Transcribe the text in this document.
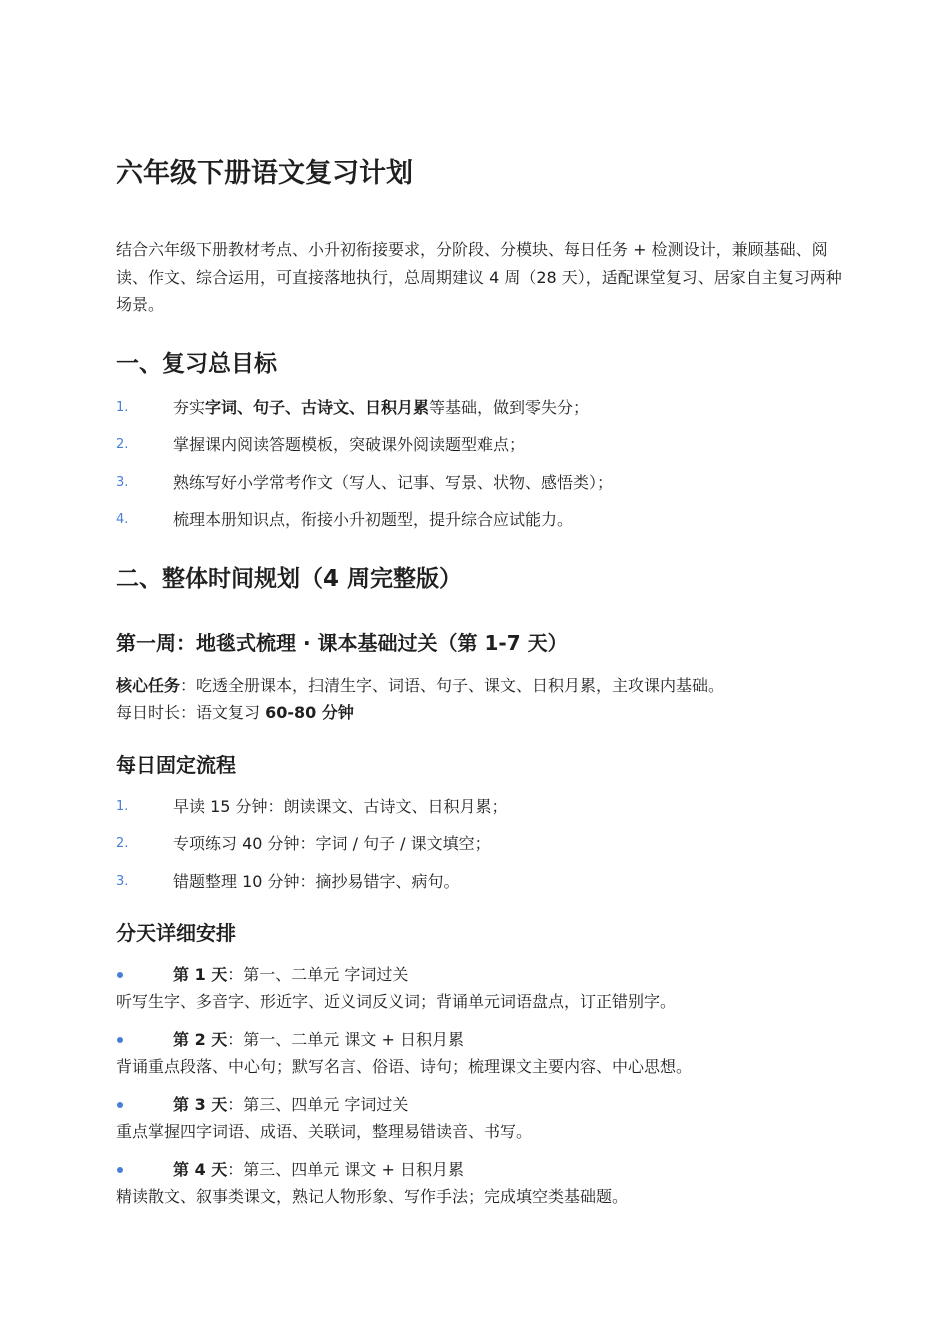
六年级下册语文复习计划

结合六年级下册教材考点、小升初衔接要求，分阶段、分模块、每日任务 + 检测设计，兼顾基础、阅读、作文、综合运用，可直接落地执行，总周期建议 4 周（28 天），适配课堂复习、居家自主复习两种场景。

一、复习总目标
1.	夯实字词、句子、古诗文、日积月累等基础，做到零失分；
2.	掌握课内阅读答题模板，突破课外阅读题型难点；
3.	熟练写好小学常考作文（写人、记事、写景、状物、感悟类）；
4.	梳理本册知识点，衔接小升初题型，提升综合应试能力。
二、整体时间规划（4 周完整版）
第一周：地毯式梳理 · 课本基础过关（第 1-7 天）
核心任务：吃透全册课本，扫清生字、词语、句子、课文、日积月累，主攻课内基础。
每日时长：语文复习 60-80 分钟
每日固定流程
1.	早读 15 分钟：朗读课文、古诗文、日积月累；
2.	专项练习 40 分钟：字词 / 句子 / 课文填空；
3.	错题整理 10 分钟：摘抄易错字、病句。
分天详细安排
第 1 天：第一、二单元 字词过关
听写生字、多音字、形近字、近义词反义词；背诵单元词语盘点，订正错别字。
第 2 天：第一、二单元 课文 + 日积月累
背诵重点段落、中心句；默写名言、俗语、诗句；梳理课文主要内容、中心思想。
第 3 天：第三、四单元 字词过关
重点掌握四字词语、成语、关联词，整理易错读音、书写。
第 4 天：第三、四单元 课文 + 日积月累
精读散文、叙事类课文，熟记人物形象、写作手法；完成填空类基础题。
